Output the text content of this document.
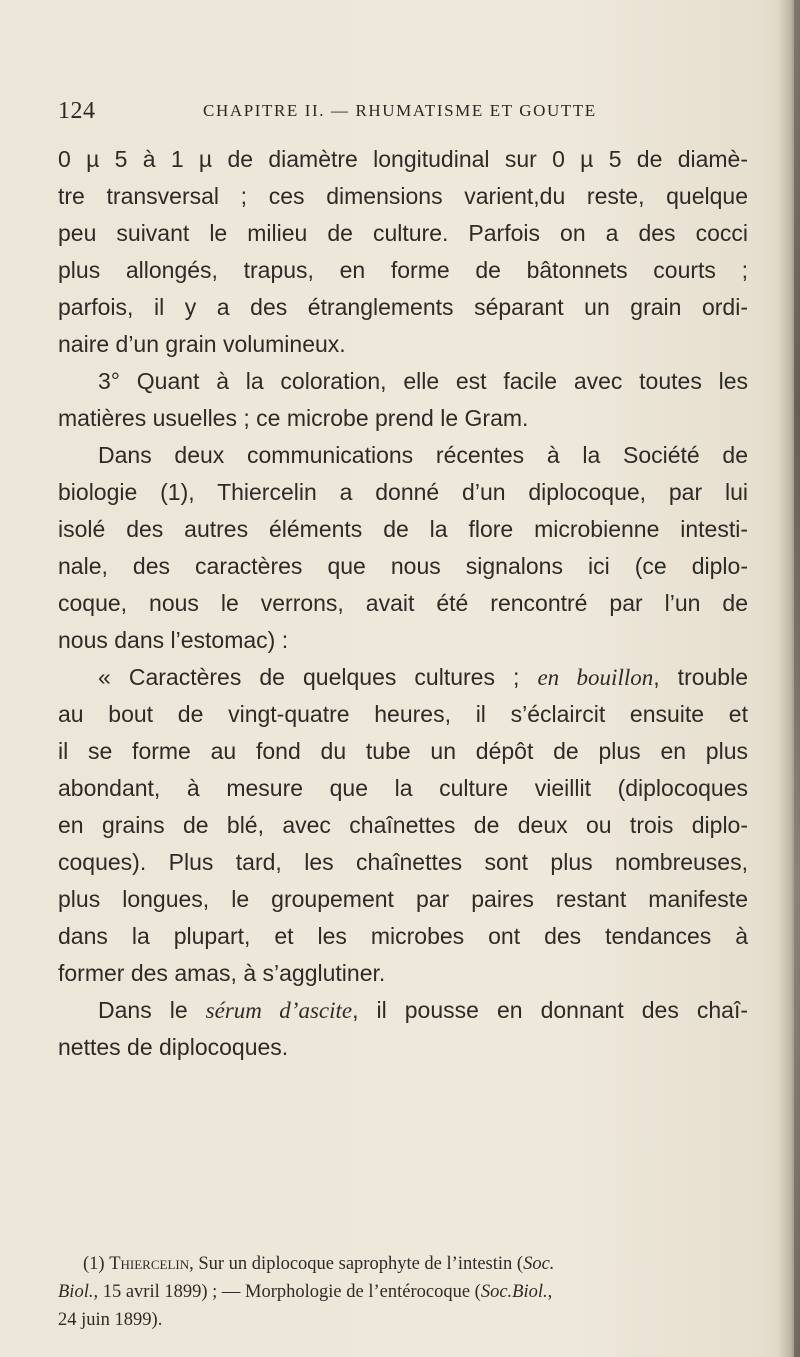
124	CHAPITRE II. — RHUMATISME ET GOUTTE
0 µ 5 à 1 µ de diamètre longitudinal sur 0 µ 5 de diamè-
tre transversal ; ces dimensions varient,du reste, quelque
peu suivant le milieu de culture. Parfois on a des cocci
plus allongés, trapus, en forme de bâtonnets courts ;
parfois, il y a des étranglements séparant un grain ordi-
naire d’un grain volumineux.
3° Quant à la coloration, elle est facile avec toutes les
matières usuelles ; ce microbe prend le Gram.
Dans deux communications récentes à la Société de
biologie (1), Thiercelin a donné d’un diplocoque, par lui
isolé des autres éléments de la flore microbienne intesti-
nale, des caractères que nous signalons ici (ce diplo-
coque, nous le verrons, avait été rencontré par l’un de
nous dans l’estomac) :
« Caractères de quelques cultures ; en bouillon, trouble
au bout de vingt-quatre heures, il s’éclaircit ensuite et
il se forme au fond du tube un dépôt de plus en plus
abondant, à mesure que la culture vieillit (diplocoques
en grains de blé, avec chaînettes de deux ou trois diplo-
coques). Plus tard, les chaînettes sont plus nombreuses,
plus longues, le groupement par paires restant manifeste
dans la plupart, et les microbes ont des tendances à
former des amas, à s’agglutiner.
Dans le sérum d’ascite, il pousse en donnant des chaî-
nettes de diplocoques.
(1) Thiercelin, Sur un diplocoque saprophyte de l’intestin (Soc.
Biol., 15 avril 1899) ; — Morphologie de l’entérocoque (Soc.Biol.,
24 juin 1899).
